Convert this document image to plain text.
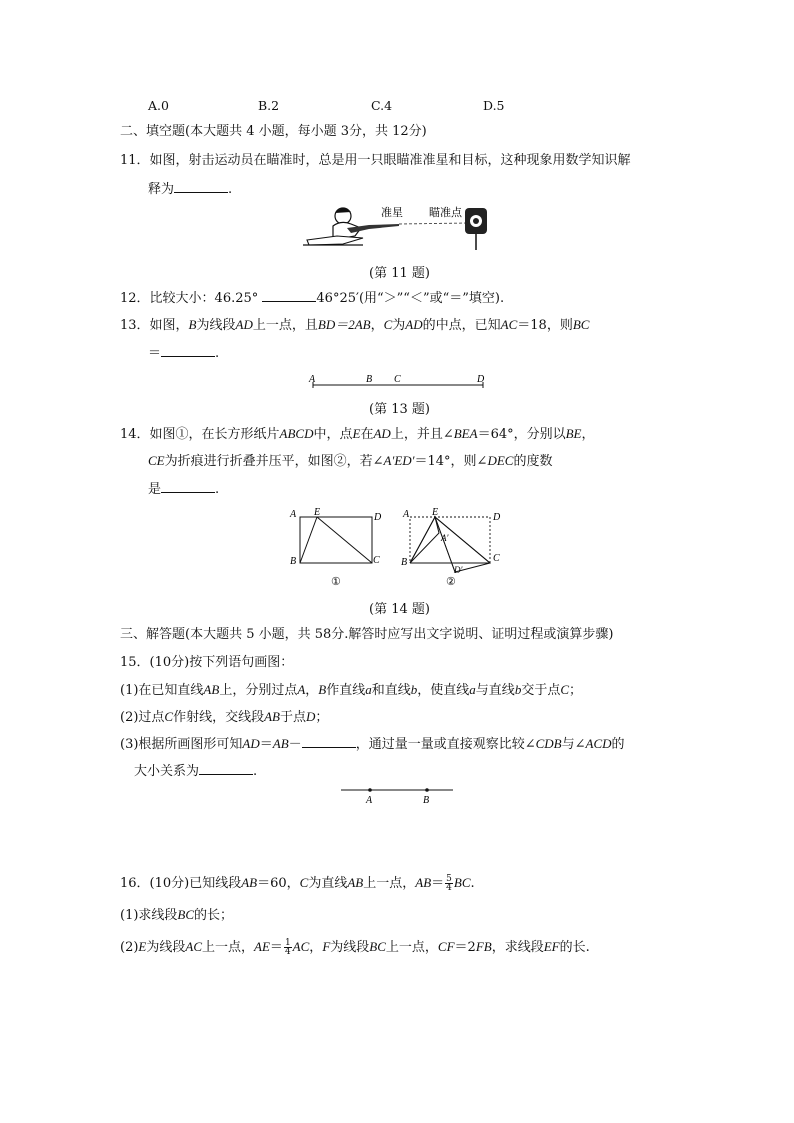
A.0	B.2	C.4	D.5
二、填空题(本大题共 4 小题，每小题 3分，共 12分)
11．如图，射击运动员在瞄准时，总是用一只眼瞄准准星和目标，这种现象用数学知识解
释为	.
准星 瞄准点
(第 11 题)
12．比较大小：46.25°	46°25′(用“＞”“＜”或“＝”填空).
13．如图，B为线段AD上一点，且BD＝2AB，C为AD的中点，已知AC＝18，则BC
＝	.
A	B C	D
(第 13 题)
14．如图①，在长方形纸片ABCD中，点E在AD上，并且∠BEA＝64°，分别以BE，
CE为折痕进行折叠并压平，如图②，若∠A′ED′＝14°，则∠DEC的度数
是	.
A E	D
B	C
①
A E	D
A′
B	C
D′
②
(第 14 题)
三、解答题(本大题共 5 小题，共 58分.解答时应写出文字说明、证明过程或演算步骤)
15．(10分)按下列语句画图：
(1)在已知直线AB上，分别过点A，B作直线a和直线b，使直线a与直线b交于点C；
(2)过点C作射线，交线段AB于点D；
(3)根据所画图形可知AD＝AB－	，通过量一量或直接观察比较∠CDB与∠ACD的
大小关系为	.
A	B
16．(10分)已知线段AB＝60，C为直线AB上一点，$AB= \frac{5}{4}$ BC.
(1)求线段BC的长；
(2)E为线段AC上一点，$AE= \frac{1}{4}$ AC，F为线段BC上一点，CF＝2FB，求线段EF的长.
